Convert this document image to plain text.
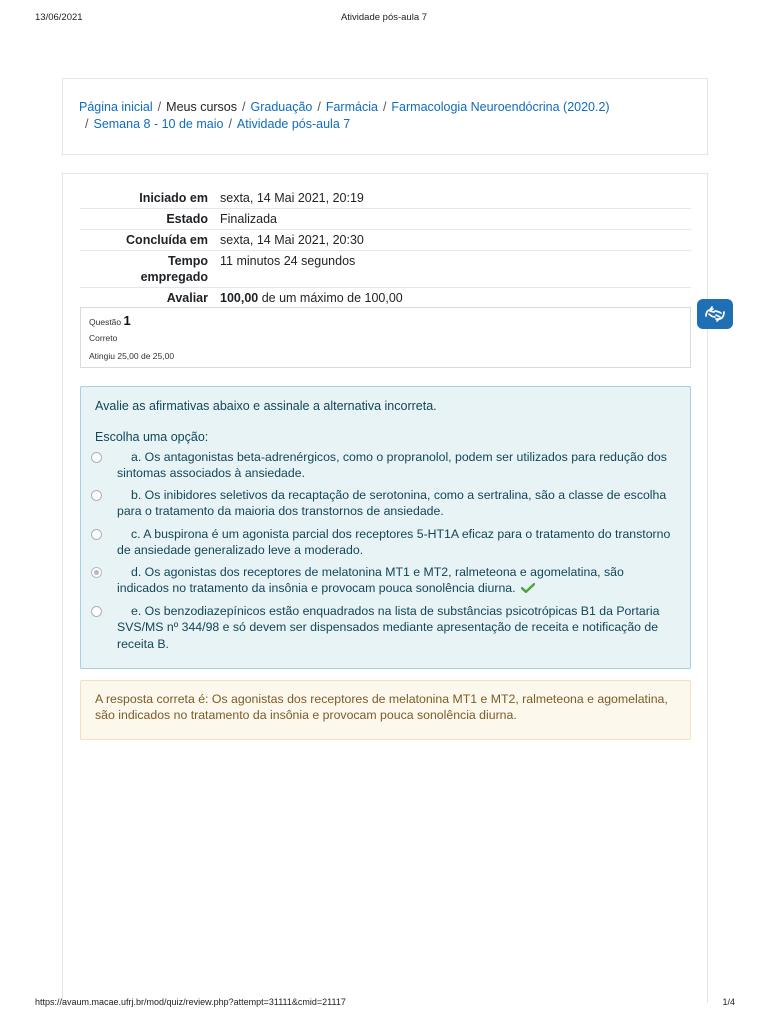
13/06/2021	Atividade pós-aula 7
Página inicial / Meus cursos / Graduação / Farmácia / Farmacologia Neuroendócrina (2020.2)
/ Semana 8 - 10 de maio / Atividade pós-aula 7
Iniciado em	sexta, 14 Mai 2021, 20:19
Estado	Finalizada
Concluída em	sexta, 14 Mai 2021, 20:30
Tempo
empregado	11 minutos 24 segundos
Avaliar	100,00 de um máximo de 100,00
Questão 1
Correto
Atingiu 25,00 de 25,00
Avalie as afirmativas abaixo e assinale a alternativa incorreta.
Escolha uma opção:
a. Os antagonistas beta-adrenérgicos, como o propranolol, podem ser utilizados para redução dos sintomas associados à ansiedade.
b. Os inibidores seletivos da recaptação de serotonina, como a sertralina, são a classe de escolha para o tratamento da maioria dos transtornos de ansiedade.
c. A buspirona é um agonista parcial dos receptores 5-HT1A eficaz para o tratamento do transtorno de ansiedade generalizado leve a moderado.
d. Os agonistas dos receptores de melatonina MT1 e MT2, ralmeteona e agomelatina, são indicados no tratamento da insônia e provocam pouca sonolência diurna.
e. Os benzodiazepínicos estão enquadrados na lista de substâncias psicotrópicas B1 da Portaria SVS/MS nº 344/98 e só devem ser dispensados mediante apresentação de receita e notificação de receita B.
A resposta correta é: Os agonistas dos receptores de melatonina MT1 e MT2, ralmeteona e agomelatina, são indicados no tratamento da insônia e provocam pouca sonolência diurna.
https://avaum.macae.ufrj.br/mod/quiz/review.php?attempt=31111&cmid=21117	1/4
